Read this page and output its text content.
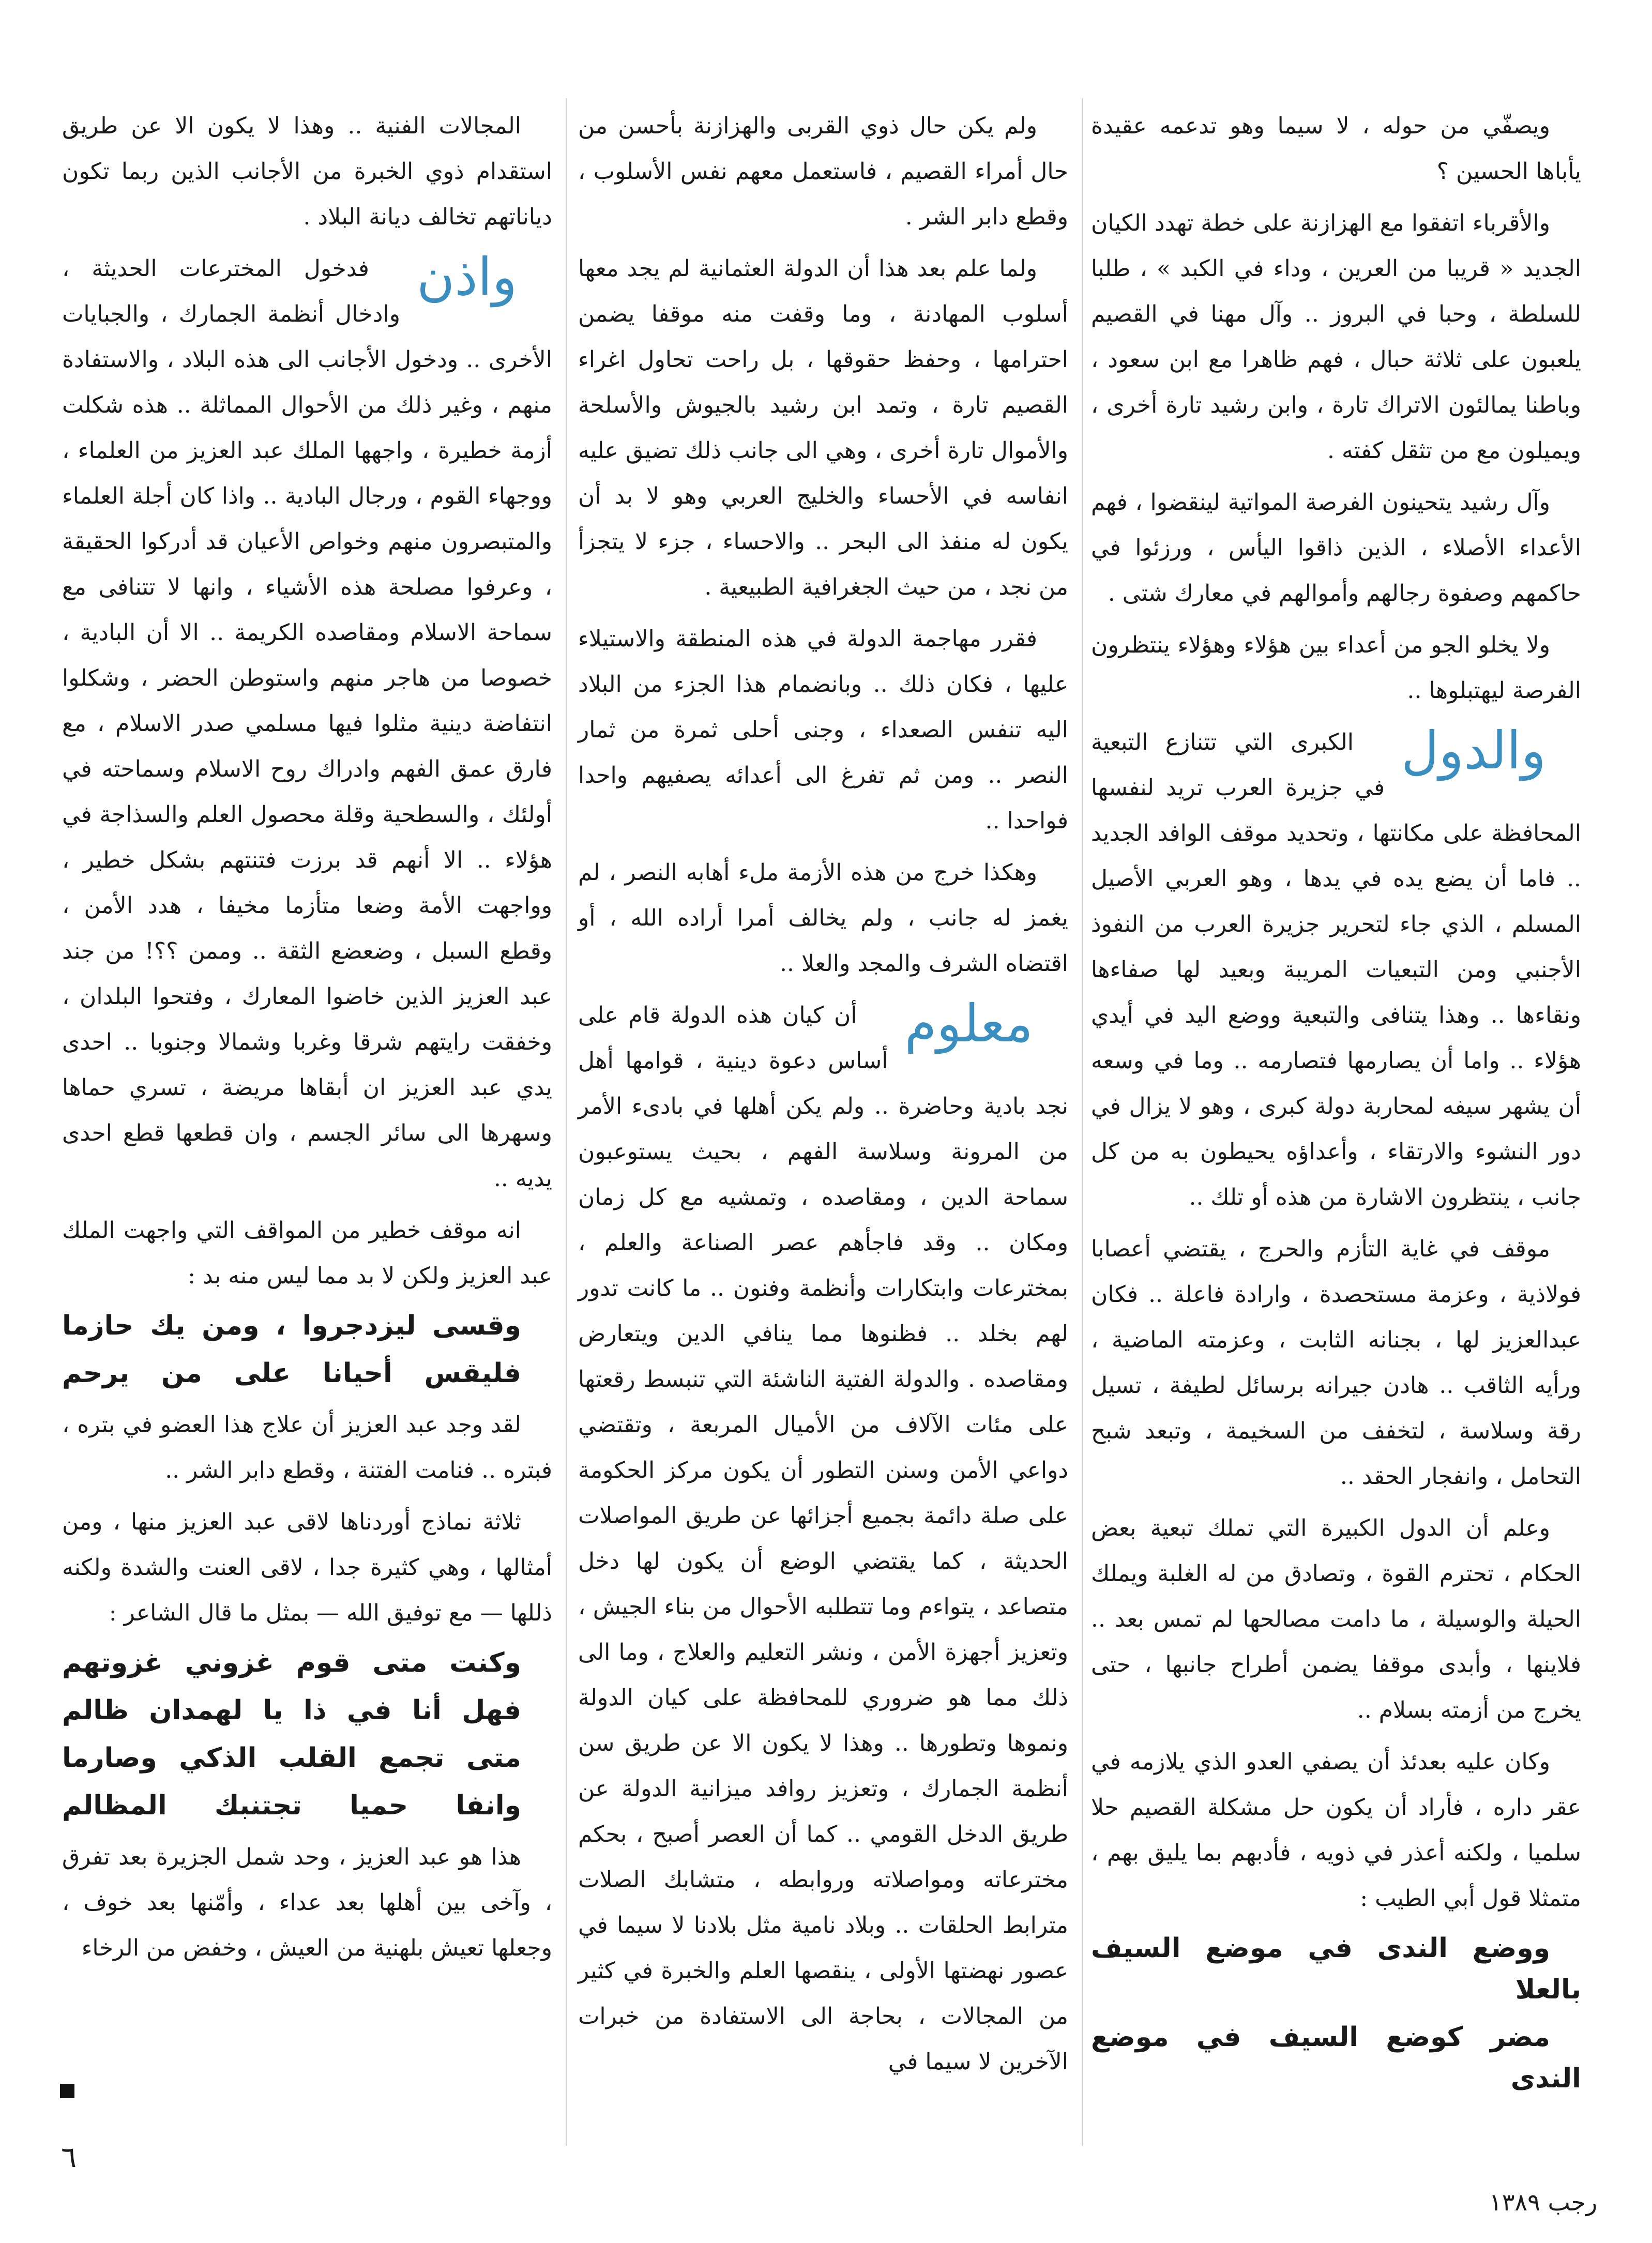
ويصفّي من حوله ، لا سيما وهو تدعمه عقيدة يأباها الحسين ؟

والأقرباء اتفقوا مع الهزازنة على خطة تهدد الكيان الجديد « قريبا من العرين ، وداء في الكبد » ، طلبا للسلطة ، وحبا في البروز .. وآل مهنا في القصيم يلعبون على ثلاثة حبال ، فهم ظاهرا مع ابن سعود ، وباطنا يمالئون الاتراك تارة ، وابن رشيد تارة أخرى ، ويميلون مع من تثقل كفته .

وآل رشيد يتحينون الفرصة المواتية لينقضوا ، فهم الأعداء الأصلاء ، الذين ذاقوا اليأس ، ورزئوا في حاكمهم وصفوة رجالهم وأموالهم في معارك شتى .

ولا يخلو الجو من أعداء بين هؤلاء وهؤلاء ينتظرون الفرصة ليهتبلوها ..

والدول
الكبرى التي تتنازع التبعية في جزيرة العرب تريد لنفسها المحافظة على مكانتها ، وتحديد موقف الوافد الجديد .. فاما أن يضع يده في يدها ، وهو العربي الأصيل المسلم ، الذي جاء لتحرير جزيرة العرب من النفوذ الأجنبي ومن التبعيات المريبة وبعيد لها صفاءها ونقاءها .. وهذا يتنافى والتبعية ووضع اليد في أيدي هؤلاء .. واما أن يصارمها فتصارمه .. وما في وسعه أن يشهر سيفه لمحاربة دولة كبرى ، وهو لا يزال في دور النشوء والارتقاء ، وأعداؤه يحيطون به من كل جانب ، ينتظرون الاشارة من هذه أو تلك ..

موقف في غاية التأزم والحرج ، يقتضي أعصابا فولاذية ، وعزمة مستحصدة ، وارادة فاعلة .. فكان عبدالعزيز لها ، بجنانه الثابت ، وعزمته الماضية ، ورأيه الثاقب .. هادن جيرانه برسائل لطيفة ، تسيل رقة وسلاسة ، لتخفف من السخيمة ، وتبعد شبح التحامل ، وانفجار الحقد ..

وعلم أن الدول الكبيرة التي تملك تبعية بعض الحكام ، تحترم القوة ، وتصادق من له الغلبة ويملك الحيلة والوسيلة ، ما دامت مصالحها لم تمس بعد .. فلاينها ، وأبدى موقفا يضمن أطراح جانبها ، حتى يخرج من أزمته بسلام ..

وكان عليه بعدئذ أن يصفي العدو الذي يلازمه في عقر داره ، فأراد أن يكون حل مشكلة القصيم حلا سلميا ، ولكنه أعذر في ذويه ، فأدبهم بما يليق بهم ، متمثلا قول أبي الطيب :

ووضع الندى في موضع السيف بالعلا

مضر كوضع السيف في موضع الندى

ولم يكن حال ذوي القربى والهزازنة بأحسن من حال أمراء القصيم ، فاستعمل معهم نفس الأسلوب ، وقطع دابر الشر .

ولما علم بعد هذا أن الدولة العثمانية لم يجد معها أسلوب المهادنة ، وما وقفت منه موقفا يضمن احترامها ، وحفظ حقوقها ، بل راحت تحاول اغراء القصيم تارة ، وتمد ابن رشيد بالجيوش والأسلحة والأموال تارة أخرى ، وهي الى جانب ذلك تضيق عليه انفاسه في الأحساء والخليج العربي وهو لا بد أن يكون له منفذ الى البحر .. والاحساء ، جزء لا يتجزأ من نجد ، من حيث الجغرافية الطبيعية .

فقرر مهاجمة الدولة في هذه المنطقة والاستيلاء عليها ، فكان ذلك .. وبانضمام هذا الجزء من البلاد اليه تنفس الصعداء ، وجنى أحلى ثمرة من ثمار النصر .. ومن ثم تفرغ الى أعدائه يصفيهم واحدا فواحدا ..

وهكذا خرج من هذه الأزمة ملء أهابه النصر ، لم يغمز له جانب ، ولم يخالف أمرا أراده الله ، أو اقتضاه الشرف والمجد والعلا ..

معلوم
أن كيان هذه الدولة قام على أساس دعوة دينية ، قوامها أهل نجد بادية وحاضرة .. ولم يكن أهلها في بادىء الأمر من المرونة وسلاسة الفهم ، بحيث يستوعبون سماحة الدين ، ومقاصده ، وتمشيه مع كل زمان ومكان .. وقد فاجأهم عصر الصناعة والعلم ، بمخترعات وابتكارات وأنظمة وفنون .. ما كانت تدور لهم بخلد .. فظنوها مما ينافي الدين ويتعارض ومقاصده . والدولة الفتية الناشئة التي تنبسط رقعتها على مئات الآلاف من الأميال المربعة ، وتقتضي دواعي الأمن وسنن التطور أن يكون مركز الحكومة على صلة دائمة بجميع أجزائها عن طريق المواصلات الحديثة ، كما يقتضي الوضع أن يكون لها دخل متصاعد ، يتواءم وما تتطلبه الأحوال من بناء الجيش ، وتعزيز أجهزة الأمن ، ونشر التعليم والعلاج ، وما الى ذلك مما هو ضروري للمحافظة على كيان الدولة ونموها وتطورها .. وهذا لا يكون الا عن طريق سن أنظمة الجمارك ، وتعزيز روافد ميزانية الدولة عن طريق الدخل القومي .. كما أن العصر أصبح ، بحكم مخترعاته ومواصلاته وروابطه ، متشابك الصلات مترابط الحلقات .. وبلاد نامية مثل بلادنا لا سيما في عصور نهضتها الأولى ، ينقصها العلم والخبرة في كثير من المجالات ، بحاجة الى الاستفادة من خبرات الآخرين لا سيما في

المجالات الفنية .. وهذا لا يكون الا عن طريق استقدام ذوي الخبرة من الأجانب الذين ربما تكون دياناتهم تخالف ديانة البلاد .

واذن
فدخول المخترعات الحديثة ، وادخال أنظمة الجمارك ، والجبايات الأخرى .. ودخول الأجانب الى هذه البلاد ، والاستفادة منهم ، وغير ذلك من الأحوال المماثلة .. هذه شكلت أزمة خطيرة ، واجهها الملك عبد العزيز من العلماء ، ووجهاء القوم ، ورجال البادية .. واذا كان أجلة العلماء والمتبصرون منهم وخواص الأعيان قد أدركوا الحقيقة ، وعرفوا مصلحة هذه الأشياء ، وانها لا تتنافى مع سماحة الاسلام ومقاصده الكريمة .. الا أن البادية ، خصوصا من هاجر منهم واستوطن الحضر ، وشكلوا انتفاضة دينية مثلوا فيها مسلمي صدر الاسلام ، مع فارق عمق الفهم وادراك روح الاسلام وسماحته في أولئك ، والسطحية وقلة محصول العلم والسذاجة في هؤلاء .. الا أنهم قد برزت فتنتهم بشكل خطير ، وواجهت الأمة وضعا متأزما مخيفا ، هدد الأمن ، وقطع السبل ، وضعضع الثقة .. وممن ؟؟! من جند عبد العزيز الذين خاضوا المعارك ، وفتحوا البلدان ، وخفقت رايتهم شرقا وغربا وشمالا وجنوبا .. احدى يدي عبد العزيز ان أبقاها مريضة ، تسري حماها وسهرها الى سائر الجسم ، وان قطعها قطع احدى يديه ..

انه موقف خطير من المواقف التي واجهت الملك عبد العزيز ولكن لا بد مما ليس منه بد :

وقسى ليزدجروا ، ومن يك حازما

فليقس أحيانا على من يرحم

لقد وجد عبد العزيز أن علاج هذا العضو في بتره ، فبتره .. فنامت الفتنة ، وقطع دابر الشر ..

ثلاثة نماذج أوردناها لاقى عبد العزيز منها ، ومن أمثالها ، وهي كثيرة جدا ، لاقى العنت والشدة ولكنه ذللها — مع توفيق الله — بمثل ما قال الشاعر :

وكنت متى قوم غزوني غزوتهم

فهل أنا في ذا يا لهمدان ظالم

متى تجمع القلب الذكي وصارما

وانفا حميا تجتنبك المظالم

هذا هو عبد العزيز ، وحد شمل الجزيرة بعد تفرق ، وآخى بين أهلها بعد عداء ، وأمّنها بعد خوف ، وجعلها تعيش بلهنية من العيش ، وخفض من الرخاء

٦
رجب ١٣٨٩
